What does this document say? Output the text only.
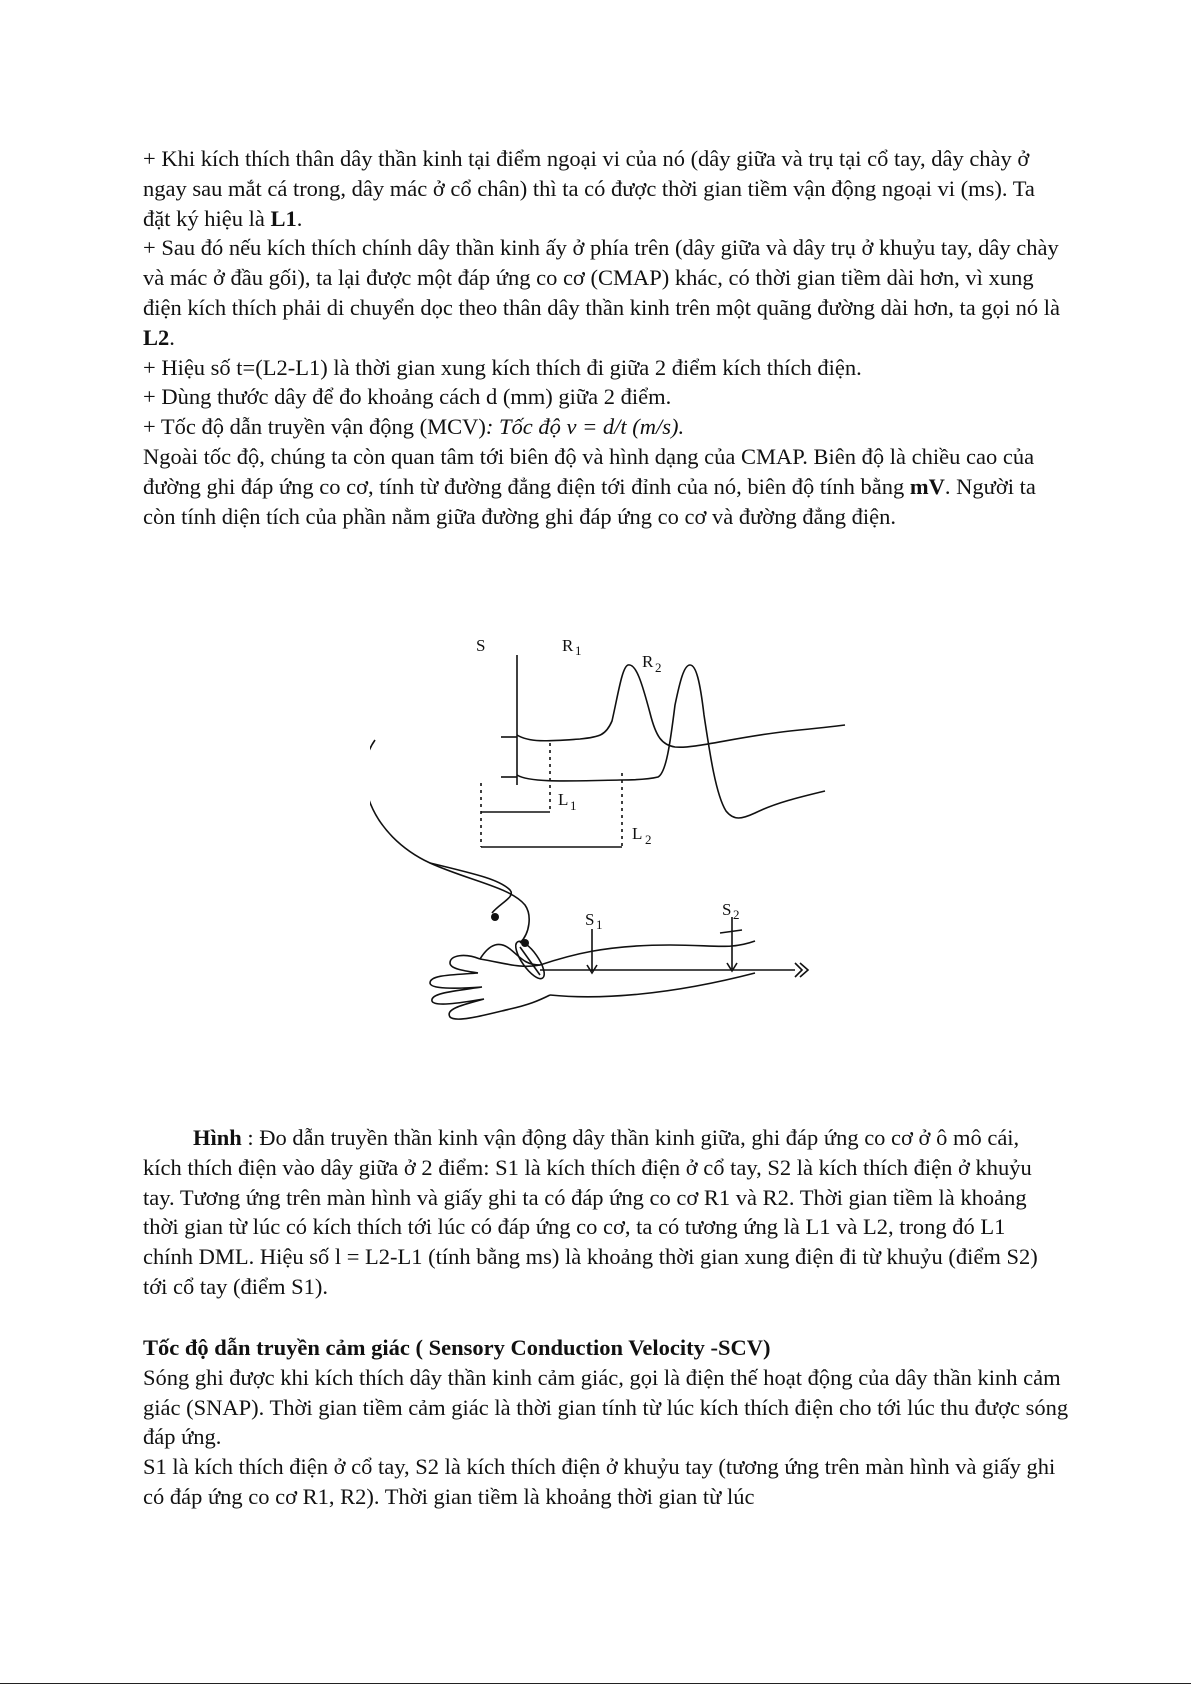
+ Khi kích thích thân dây thần kinh tại điểm ngoại vi của nó (dây giữa và trụ tại cổ tay, dây chày ở ngay sau mắt cá trong, dây mác ở cổ chân) thì ta có được thời gian tiềm vận động ngoại vi (ms). Ta đặt ký hiệu là L1.

+ Sau đó nếu kích thích chính dây thần kinh ấy ở phía trên (dây giữa và dây trụ ở khuỷu tay, dây chày và mác ở đầu gối), ta lại được một đáp ứng co cơ (CMAP) khác, có thời gian tiềm dài hơn, vì xung điện kích thích phải di chuyển dọc theo thân dây thần kinh trên một quãng đường dài hơn, ta gọi nó là L2.

+ Hiệu số t=(L2-L1) là thời gian xung kích thích đi giữa 2 điểm kích thích điện.

+ Dùng thước dây để đo khoảng cách d (mm) giữa 2 điểm.

+ Tốc độ dẫn truyền vận động (MCV): Tốc độ v = d/t (m/s).

Ngoài tốc độ, chúng ta còn quan tâm tới biên độ và hình dạng của CMAP. Biên độ là chiều cao của đường ghi đáp ứng co cơ, tính từ đường đẳng điện tới đỉnh của nó, biên độ tính bằng mV. Người ta còn tính diện tích của phần nằm giữa đường ghi đáp ứng co cơ và đường đẳng điện.

S	R 1
R 2
L 1
L 2
S 1
S 2

Hình : Đo dẫn truyền thần kinh vận động dây thần kinh giữa, ghi đáp ứng co cơ ở ô mô cái, kích thích điện vào dây giữa ở 2 điểm: S1 là kích thích điện ở cổ tay, S2 là kích thích điện ở khuỷu tay. Tương ứng trên màn hình và giấy ghi ta có đáp ứng co cơ R1 và R2. Thời gian tiềm là khoảng thời gian từ lúc có kích thích tới lúc có đáp ứng co cơ, ta có tương ứng là L1 và L2, trong đó L1 chính DML. Hiệu số l = L2-L1 (tính bằng ms) là khoảng thời gian xung điện đi từ khuỷu (điểm S2) tới cổ tay (điểm S1).

Tốc độ dẫn truyền cảm giác ( Sensory Conduction Velocity -SCV)

Sóng ghi được khi kích thích dây thần kinh cảm giác, gọi là điện thế hoạt động của dây thần kinh cảm giác (SNAP). Thời gian tiềm cảm giác là thời gian tính từ lúc kích thích điện cho tới lúc thu được sóng đáp ứng.

S1 là kích thích điện ở cổ tay, S2 là kích thích điện ở khuỷu tay (tương ứng trên màn hình và giấy ghi có đáp ứng co cơ R1, R2). Thời gian tiềm là khoảng thời gian từ lúc
